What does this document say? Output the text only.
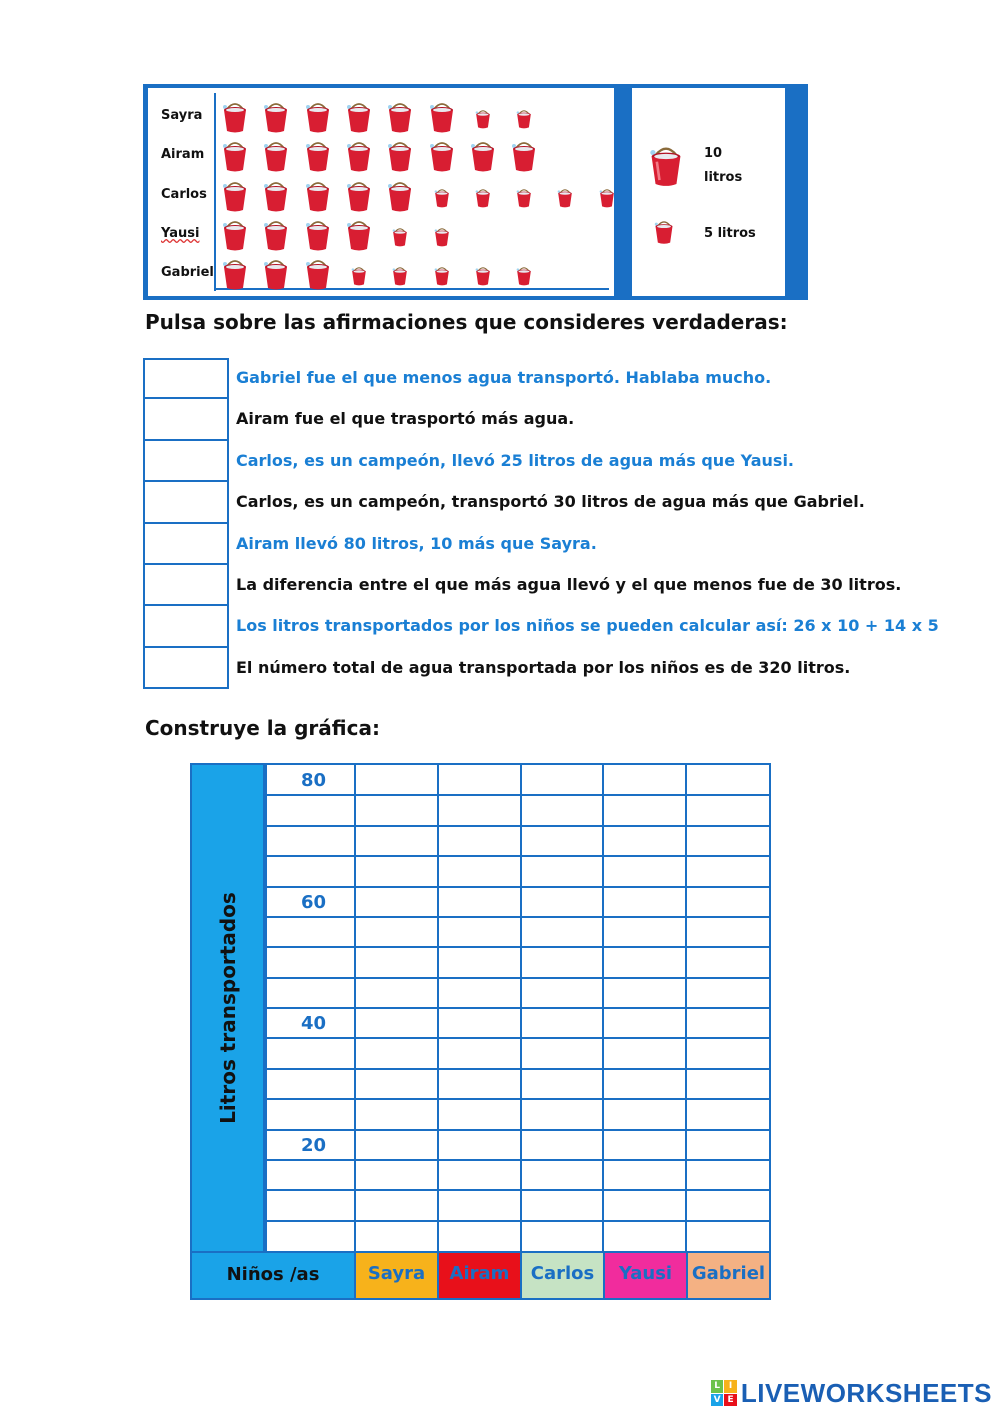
Sayra
Airam
Carlos
Yausi
Gabriel
10
litros
5 litros
Pulsa sobre las afirmaciones que consideres verdaderas:
Gabriel fue el que menos agua transportó. Hablaba mucho.
Airam fue el que trasportó más agua.
Carlos, es un campeón, llevó 25 litros de agua más que Yausi.
Carlos, es un campeón, transportó 30 litros de agua más que Gabriel.
Airam llevó 80 litros, 10 más que Sayra.
La diferencia entre el que más agua llevó y el que menos fue de 30 litros.
Los litros transportados por los niños se pueden calcular así: 26 x 10 + 14 x 5
El número total de agua transportada por los niños es de 320 litros.
Construye la gráfica:
Litros transportados
80
60
40
20
Niños /as	Sayra	Airam	Carlos	Yausi	Gabriel
L I
V E LIVEWORKSHEETS
